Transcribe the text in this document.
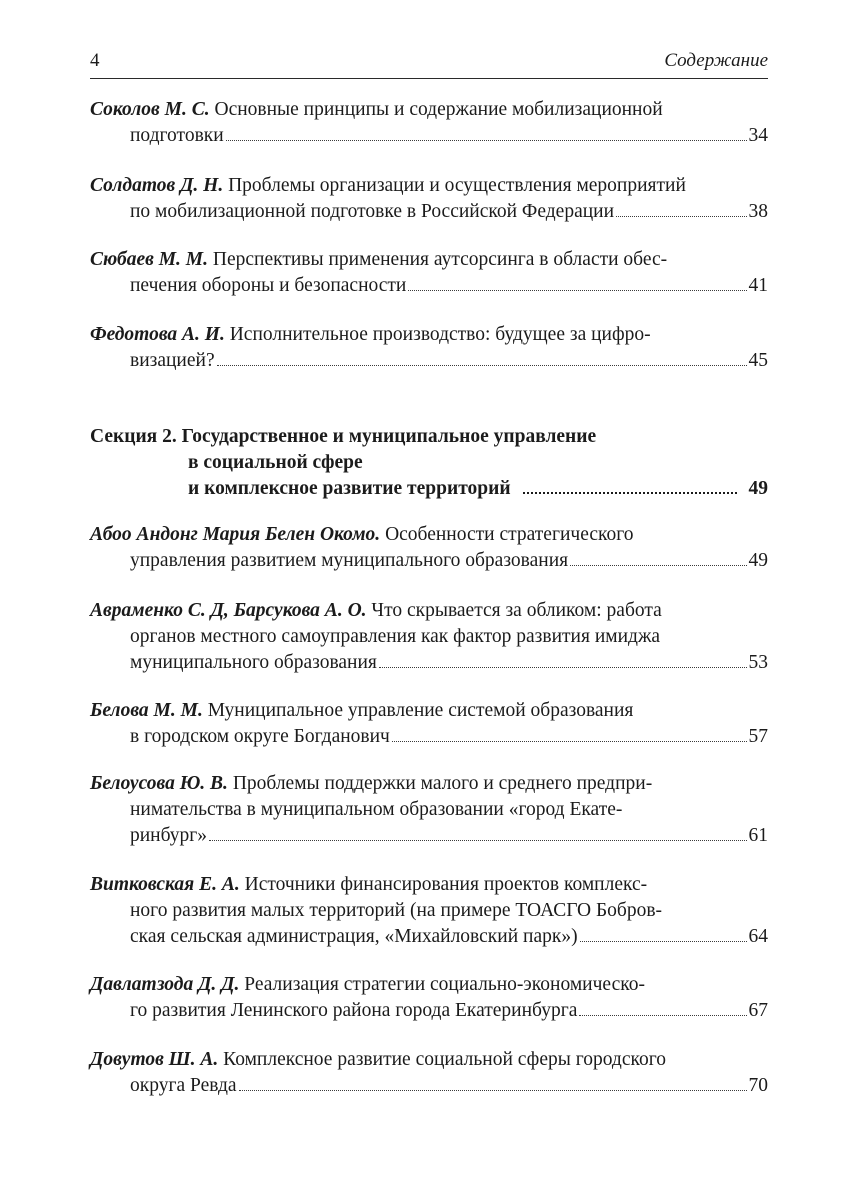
4	Содержание
Соколов М. С. Основные принципы и содержание мобилизационной
подготовки	34
Солдатов Д. Н. Проблемы организации и осуществления мероприятий
по мобилизационной подготовке в Российской Федерации	38
Сюбаев М. М. Перспективы применения аутсорсинга в области обес-
печения обороны и безопасности	41
Федотова А. И. Исполнительное производство: будущее за цифро-
визацией?	45
Секция 2. Государственное и муниципальное управление
в социальной сфере
и комплексное развитие территорий	49
Абоо Андонг Мария Белен Окомо. Особенности стратегического
управления развитием муниципального образования	49
Авраменко С. Д, Барсукова А. О. Что скрывается за обликом: работа
органов местного самоуправления как фактор развития имиджа
муниципального образования	53
Белова М. М. Муниципальное управление системой образования
в городском округе Богданович	57
Белоусова Ю. В. Проблемы поддержки малого и среднего предпри-
нимательства в муниципальном образовании «город Екате-
ринбург»	61
Витковская Е. А. Источники финансирования проектов комплекс-
ного развития малых территорий (на примере ТОАСГО Бобров-
ская сельская администрация, «Михайловский парк»)	64
Давлатзода Д. Д. Реализация стратегии социально-экономическо-
го развития Ленинского района города Екатеринбурга	67
Довутов Ш. А. Комплексное развитие социальной сферы городского
округа Ревда	70
